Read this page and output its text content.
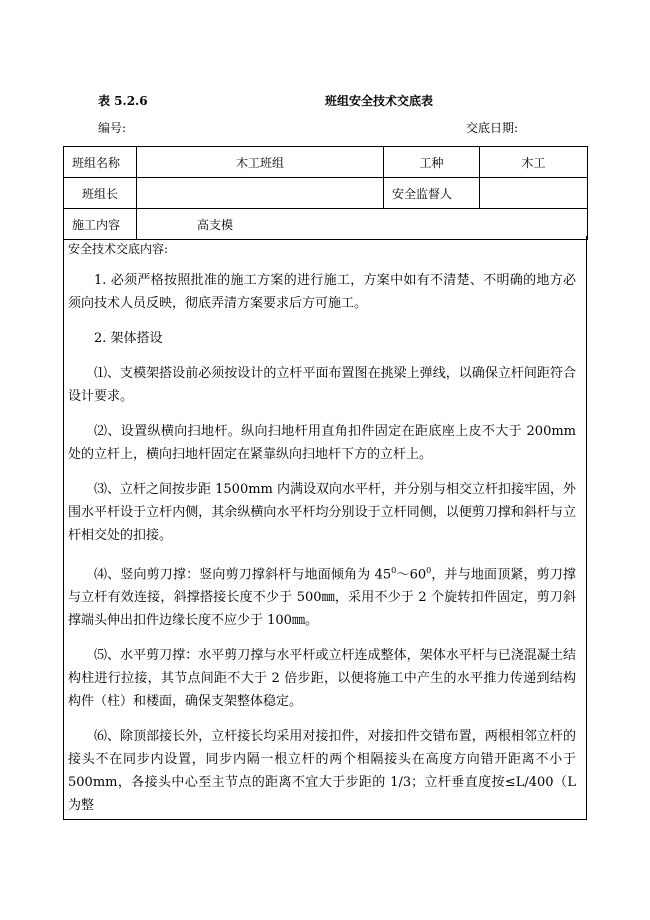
表 5.2.6	班组安全技术交底表
编号:	交底日期:
班组名称	木工班组	工种	木工
班组长		安全监督人	
施工内容	高支模		
安全技术交底内容:

1. 必须严格按照批准的施工方案的进行施工，方案中如有不清楚、不明确的地方必须向技术人员反映，彻底弄清方案要求后方可施工。

2. 架体搭设

⑴、支模架搭设前必须按设计的立杆平面布置图在挑梁上弹线，以确保立杆间距符合设计要求。

⑵、设置纵横向扫地杆。纵向扫地杆用直角扣件固定在距底座上皮不大于 200mm 处的立杆上，横向扫地杆固定在紧靠纵向扫地杆下方的立杆上。

⑶、立杆之间按步距 1500mm 内满设双向水平杆，并分别与相交立杆扣接牢固，外围水平杆设于立杆内侧，其余纵横向水平杆均分别设于立杆同侧，以便剪刀撑和斜杆与立杆相交处的扣接。

⑷、竖向剪刀撑：竖向剪刀撑斜杆与地面倾角为 $45^0\sim 60^0$，并与地面顶紧，剪刀撑与立杆有效连接，斜撑搭接长度不少于 500㎜，采用不少于 2 个旋转扣件固定，剪刀斜撑端头伸出扣件边缘长度不应少于 100㎜。

⑸、水平剪刀撑：水平剪刀撑与水平杆或立杆连成整体，架体水平杆与已浇混凝土结构柱进行拉接，其节点间距不大于 2 倍步距，以便将施工中产生的水平推力传递到结构构件（柱）和楼面，确保支架整体稳定。

⑹、除顶部接长外，立杆接长均采用对接扣件，对接扣件交错布置，两根相邻立杆的接头不在同步内设置，同步内隔一根立杆的两个相隔接头在高度方向错开距离不小于 500mm，各接头中心至主节点的距离不宜大于步距的 1/3；立杆垂直度按≤L/400（L 为整
